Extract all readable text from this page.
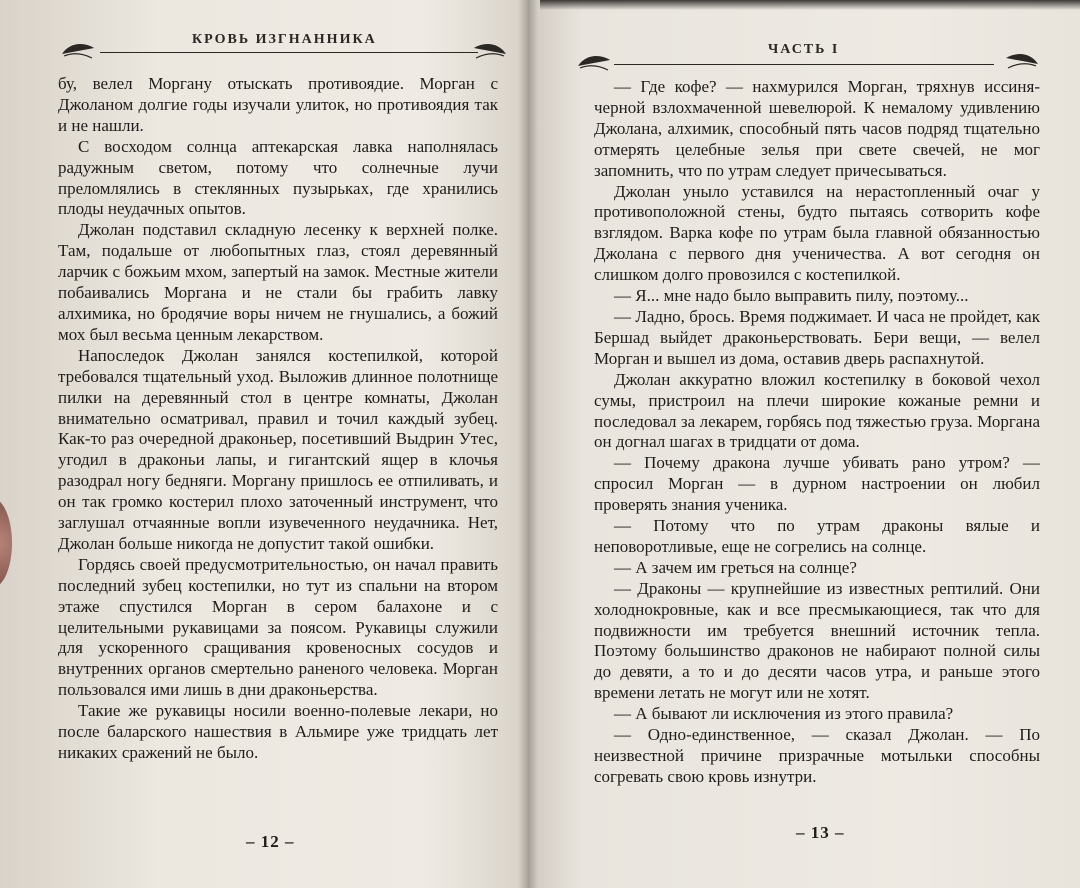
КРОВЬ ИЗГНАННИКА

бу, велел Моргану отыскать противоядие. Морган с Джоланом долгие годы изучали улиток, но противоядия так и не нашли.

С восходом солнца аптекарская лавка наполнялась радужным светом, потому что солнечные лучи преломлялись в стеклянных пузырьках, где хранились плоды неудачных опытов.

Джолан подставил складную лесенку к верхней полке. Там, подальше от любопытных глаз, стоял деревянный ларчик с божьим мхом, запертый на замок. Местные жители побаивались Моргана и не стали бы грабить лавку алхимика, но бродячие воры ничем не гнушались, а божий мох был весьма ценным лекарством.

Напоследок Джолан занялся костепилкой, которой требовался тщательный уход. Выложив длинное полотнище пилки на деревянный стол в центре комнаты, Джолан внимательно осматривал, правил и точил каждый зубец. Как-то раз очередной драконьер, посетивший Выдрин Утес, угодил в драконьи лапы, и гигантский ящер в клочья разодрал ногу бедняги. Моргану пришлось ее отпиливать, и он так громко костерил плохо заточенный инструмент, что заглушал отчаянные вопли изувеченного неудачника. Нет, Джолан больше никогда не допустит такой ошибки.

Гордясь своей предусмотрительностью, он начал править последний зубец костепилки, но тут из спальни на втором этаже спустился Морган в сером балахоне и с целительными рукавицами за поясом. Рукавицы служили для ускоренного сращивания кровеносных сосудов и внутренних органов смертельно раненого человека. Морган пользовался ими лишь в дни драконьерства.

Такие же рукавицы носили военно-полевые лекари, но после баларского нашествия в Альмире уже тридцать лет никаких сражений не было.

– 12 –
ЧАСТЬ I

— Где кофе? — нахмурился Морган, тряхнув иссиня-черной взлохмаченной шевелюрой. К немалому удивлению Джолана, алхимик, способный пять часов подряд тщательно отмерять целебные зелья при свете свечей, не мог запомнить, что по утрам следует причесываться.

Джолан уныло уставился на нерастопленный очаг у противоположной стены, будто пытаясь сотворить кофе взглядом. Варка кофе по утрам была главной обязанностью Джолана с первого дня ученичества. А вот сегодня он слишком долго провозился с костепилкой.

— Я... мне надо было выправить пилу, поэтому...

— Ладно, брось. Время поджимает. И часа не пройдет, как Бершад выйдет драконьерствовать. Бери вещи, — велел Морган и вышел из дома, оставив дверь распахнутой.

Джолан аккуратно вложил костепилку в боковой чехол сумы, пристроил на плечи широкие кожаные ремни и последовал за лекарем, горбясь под тяжестью груза. Моргана он догнал шагах в тридцати от дома.

— Почему дракона лучше убивать рано утром? — спросил Морган — в дурном настроении он любил проверять знания ученика.

— Потому что по утрам драконы вялые и неповоротливые, еще не согрелись на солнце.

— А зачем им греться на солнце?

— Драконы — крупнейшие из известных рептилий. Они холоднокровные, как и все пресмыкающиеся, так что для подвижности им требуется внешний источник тепла. Поэтому большинство драконов не набирают полной силы до девяти, а то и до десяти часов утра, и раньше этого времени летать не могут или не хотят.

— А бывают ли исключения из этого правила?

— Одно-единственное, — сказал Джолан. — По неизвестной причине призрачные мотыльки способны согревать свою кровь изнутри.

– 13 –
